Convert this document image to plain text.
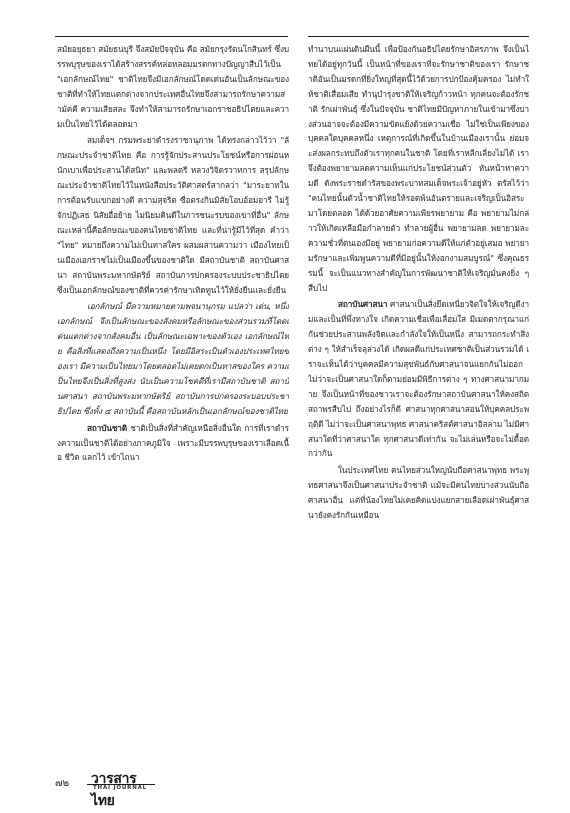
สมัยอยุธยา สมัยธนบุรี จึงสมัยปัจจุบัน คือ สมัยกรุงรัตนโกสินทร์ ซึ่งบรรพบุรุษของเราได้สร้างสรรค์หล่อหลอมมรดกทางปัญญาสืบไว้เป็น "เอกลักษณ์ไทย" ชาติไทยจึงมีเอกลักษณ์โดดเด่นอันเป็นลักษณะของชาติที่ทำให้ไทยแตกต่างจากประเทศอื่นไทยจึงสามารถรักษาความสามัคคี ความเสียสละ จึงทำให้สามารถรักษาเอกราชอธิปไตยและความเป็นไทยไว้ได้ตลอดมา

สมเด็จฯ กรมพระยาดำรงราชานุภาพ ได้ทรงกล่าวไว้ว่า "ลักษณะประจำชาติไทย คือ การรู้จักประสานประโยชน์หรือการผ่อนหนักเบาเพื่อประสานได้สนิท" และพลตรี หลวงวิจิตรวาทการ สรุปลักษณะประจำชาติไทยไว้ในหนังสือประวัติศาสตร์สากลว่า "มาระยาทในการต้อนรับแขกอย่างดี ความสุจริต ซื่อตรงกินมิสัยโอบอ้อมอารี ไม่รู้จักปฏิเสธ นิสัยอื่อย้าย ไม่นิยมคินดีในการชนะรบของเขาที่อื่น" ลักษณะเหล่านี้คือลักษณะของคนไทยชาติไทย และที่น่ารู้มีไว้ที่สุด คำว่า "ไทย" หมายถึงความไม่เป็นทาสใคร ผสมผสานความว่า เมืองไทยเป็นเมืองเอกราชไม่เป็นเมืองขึ้นของชาติใด มีสถาบันชาติ สถาบันศาสนา สถาบันพระมหากษัตริย์ สถาบันการปกครองระบบประชาธิปไตย ซึ่งเป็นเอกลักษณ์ของชาติที่ควรค่ารักษาเทิดทูนไว้ให้ยั่งยืนและยั่งยืน

เอกลักษณ์ มีความหมายตามพจนานุกรม แปลว่า เด่น, หนึ่ง เอกลักษณ์ จึงเป็นลักษณะของสังคมหรือลักษณะของส่วนรวมที่โดดเด่นแตกต่างจากสังคมอื่น เป็นลักษณะเฉพาะของตัวเอง เอกลักษณ์ไทย คือสิ่งที่แสดงถึงความเป็นหนึ่ง โดยมีอิสระเป็นตัวเองประเทศไทยของเรา มีความเป็นไทยมาโดยตลอดไม่เคยตกเป็นทาสของใคร ความเป็นไทยจึงเป็นสิ่งที่สูงส่ง นับเป็นความโชคดีที่เรามีสถาบันชาติ สถาบันศาสนา สถาบันพระมหากษัตริย์ สถาบันการปกครองระบอบประชาธิปไตย ซึ่งทั้ง ๔ สถาบันนี้ คือสถาบันหลักเป็นเอกลักษณ์ของชาติไทย

สถาบันชาติ ชาติเป็นสิ่งที่สำคัญเหนือสิ่งอื่นใด การที่เราดำรงความเป็นชาติได้อย่างภาคภูมิใจ เพราะมีบรรพบุรุษของเราเลือดเนื้อ ชีวิต แลกไว้ เข้าไถนา

ทำนาบนแผ่นดินผืนนี้ เพื่อป้องกันอธิปไตยรักษาอิสรภาพ จึงเป็นไทยได้อยู่ทุกวันนี้ เป็นหน้าที่ของเราที่จะรักษาชาติของเรา รักษาชาติอันเป็นมรดกที่ยิ่งใหญ่ที่สุดนี้ไว้ด้วยการปกป้องคุ้มครอง ไม่ทำให้ชาติเสื่อมเสีย ทำนุบำรุงชาติให้เจริญก้าวหน้า ทุกคนจะต้องรักชาติ รักเผ่าพันธุ์ ซึ่งในปัจจุบัน ชาติไทยมีปัญหาภายในเข้ามาซึ่งบางส่วนอาจจะต้องมีความขัดแย้งด้วยความเชื่อ ไม่ใช่เป็นเพียงของบุคคลใดบุคคลหนึ่ง เหตุการณ์ที่เกิดขึ้นในบ้านเมืองเรานั้น ย่อมจะส่งผลกระทบถึงตัวเราทุกคนในชาติ โดยที่เราหลีกเลี่ยงไม่ได้ เราจึงต้องพยายามลดความเห็นแก่ประโยชน์ส่วนตัว หันหน้าหาความดี ดังพระราชดำรัสของพระบาทสมเด็จพระเจ้าอยู่หัว ตรัสไว้ว่า "คนไทยนั้นตัวน้ำชาติไทยให้รอดพ้นอันตรายและเจริญเป็นอิสระมาโดยตลอด ได้ด้วยอาศัยความเพียรพยายาม คือ พยายามไม่กล่าวให้เกิดเหลือมือกำลายตัว ทำลายผู้อื่น พยายามลด พยายามละความชั่วที่ตนเองมีอยู่ พยายามก่อความดีให้แก่ตัวอยู่เสมอ พยายามรักษาและเพิ่มพูนความดีที่มีอยู่นั้นให้งอกงามสมบูรณ์" ซึ่งคุณธรรมนี้ จะเป็นแนวทางสำคัญในการพัฒนาชาติให้เจริญมั่นคงยิ่ง ๆ สืบไป

สถาบันศาสนา ศาสนาเป็นสิ่งยึดเหนี่ยวจิตใจให้เจริญดีงามและเป็นที่พึ่งทางใจ เกิดความเชื่อเพื่อเลื่อมใส มีเมตตากรุณาแก่กันช่วยประสานพลังจิตและกำลังใจให้เป็นหนึ่ง สามารถกระทำสิ่งต่าง ๆ ให้สำเร็จลุล่วงได้ เกิดผลดีแก่ประเทศชาติเป็นส่วนรวมได้ เราจะเห็นได้ว่าบุคคลมีความสุขพันธ์กับศาสนาจนแยกกันไม่ออก ไม่ว่าจะเป็นศาสนาใดก็ตามย่อมมีพิธีการต่าง ๆ ทางศาสนามากมาย จึงเป็นหน้าที่ของชาวเราจะต้องรักษาสถาบันศาสนาให้คงสถิตสถาพรสืบไป ถึงอย่างไรก็ดี ศาสนาทุกศาสนาสอนให้บุคคลประพฤติดี ไม่ว่าจะเป็นศาสนาพุทธ ศาสนาคริสต์ศาสนาอิสลาม ไม่มีศาสนาใดที่ว่าศาสนาใด ทุกศาสนาดีเท่ากัน จะไม่เล่นหรือจะไม่ดื้อตกว่ากัน

ในประเทศไทย คนไทยส่วนใหญ่นับถือศาสนาพุทธ พระพุทธศาสนาจึงเป็นศาสนาประจำชาติ แม้จะมีคนไทยบางส่วนนับถือศาสนาอื่น แต่ที่น้องไทยไม่เคยคิดแบ่งแยกสายเลือดเผ่าพันธุ์ศาสนายังคงรักกันเหมือน

๗๒ วารสารไทย
THAI JOURNAL
